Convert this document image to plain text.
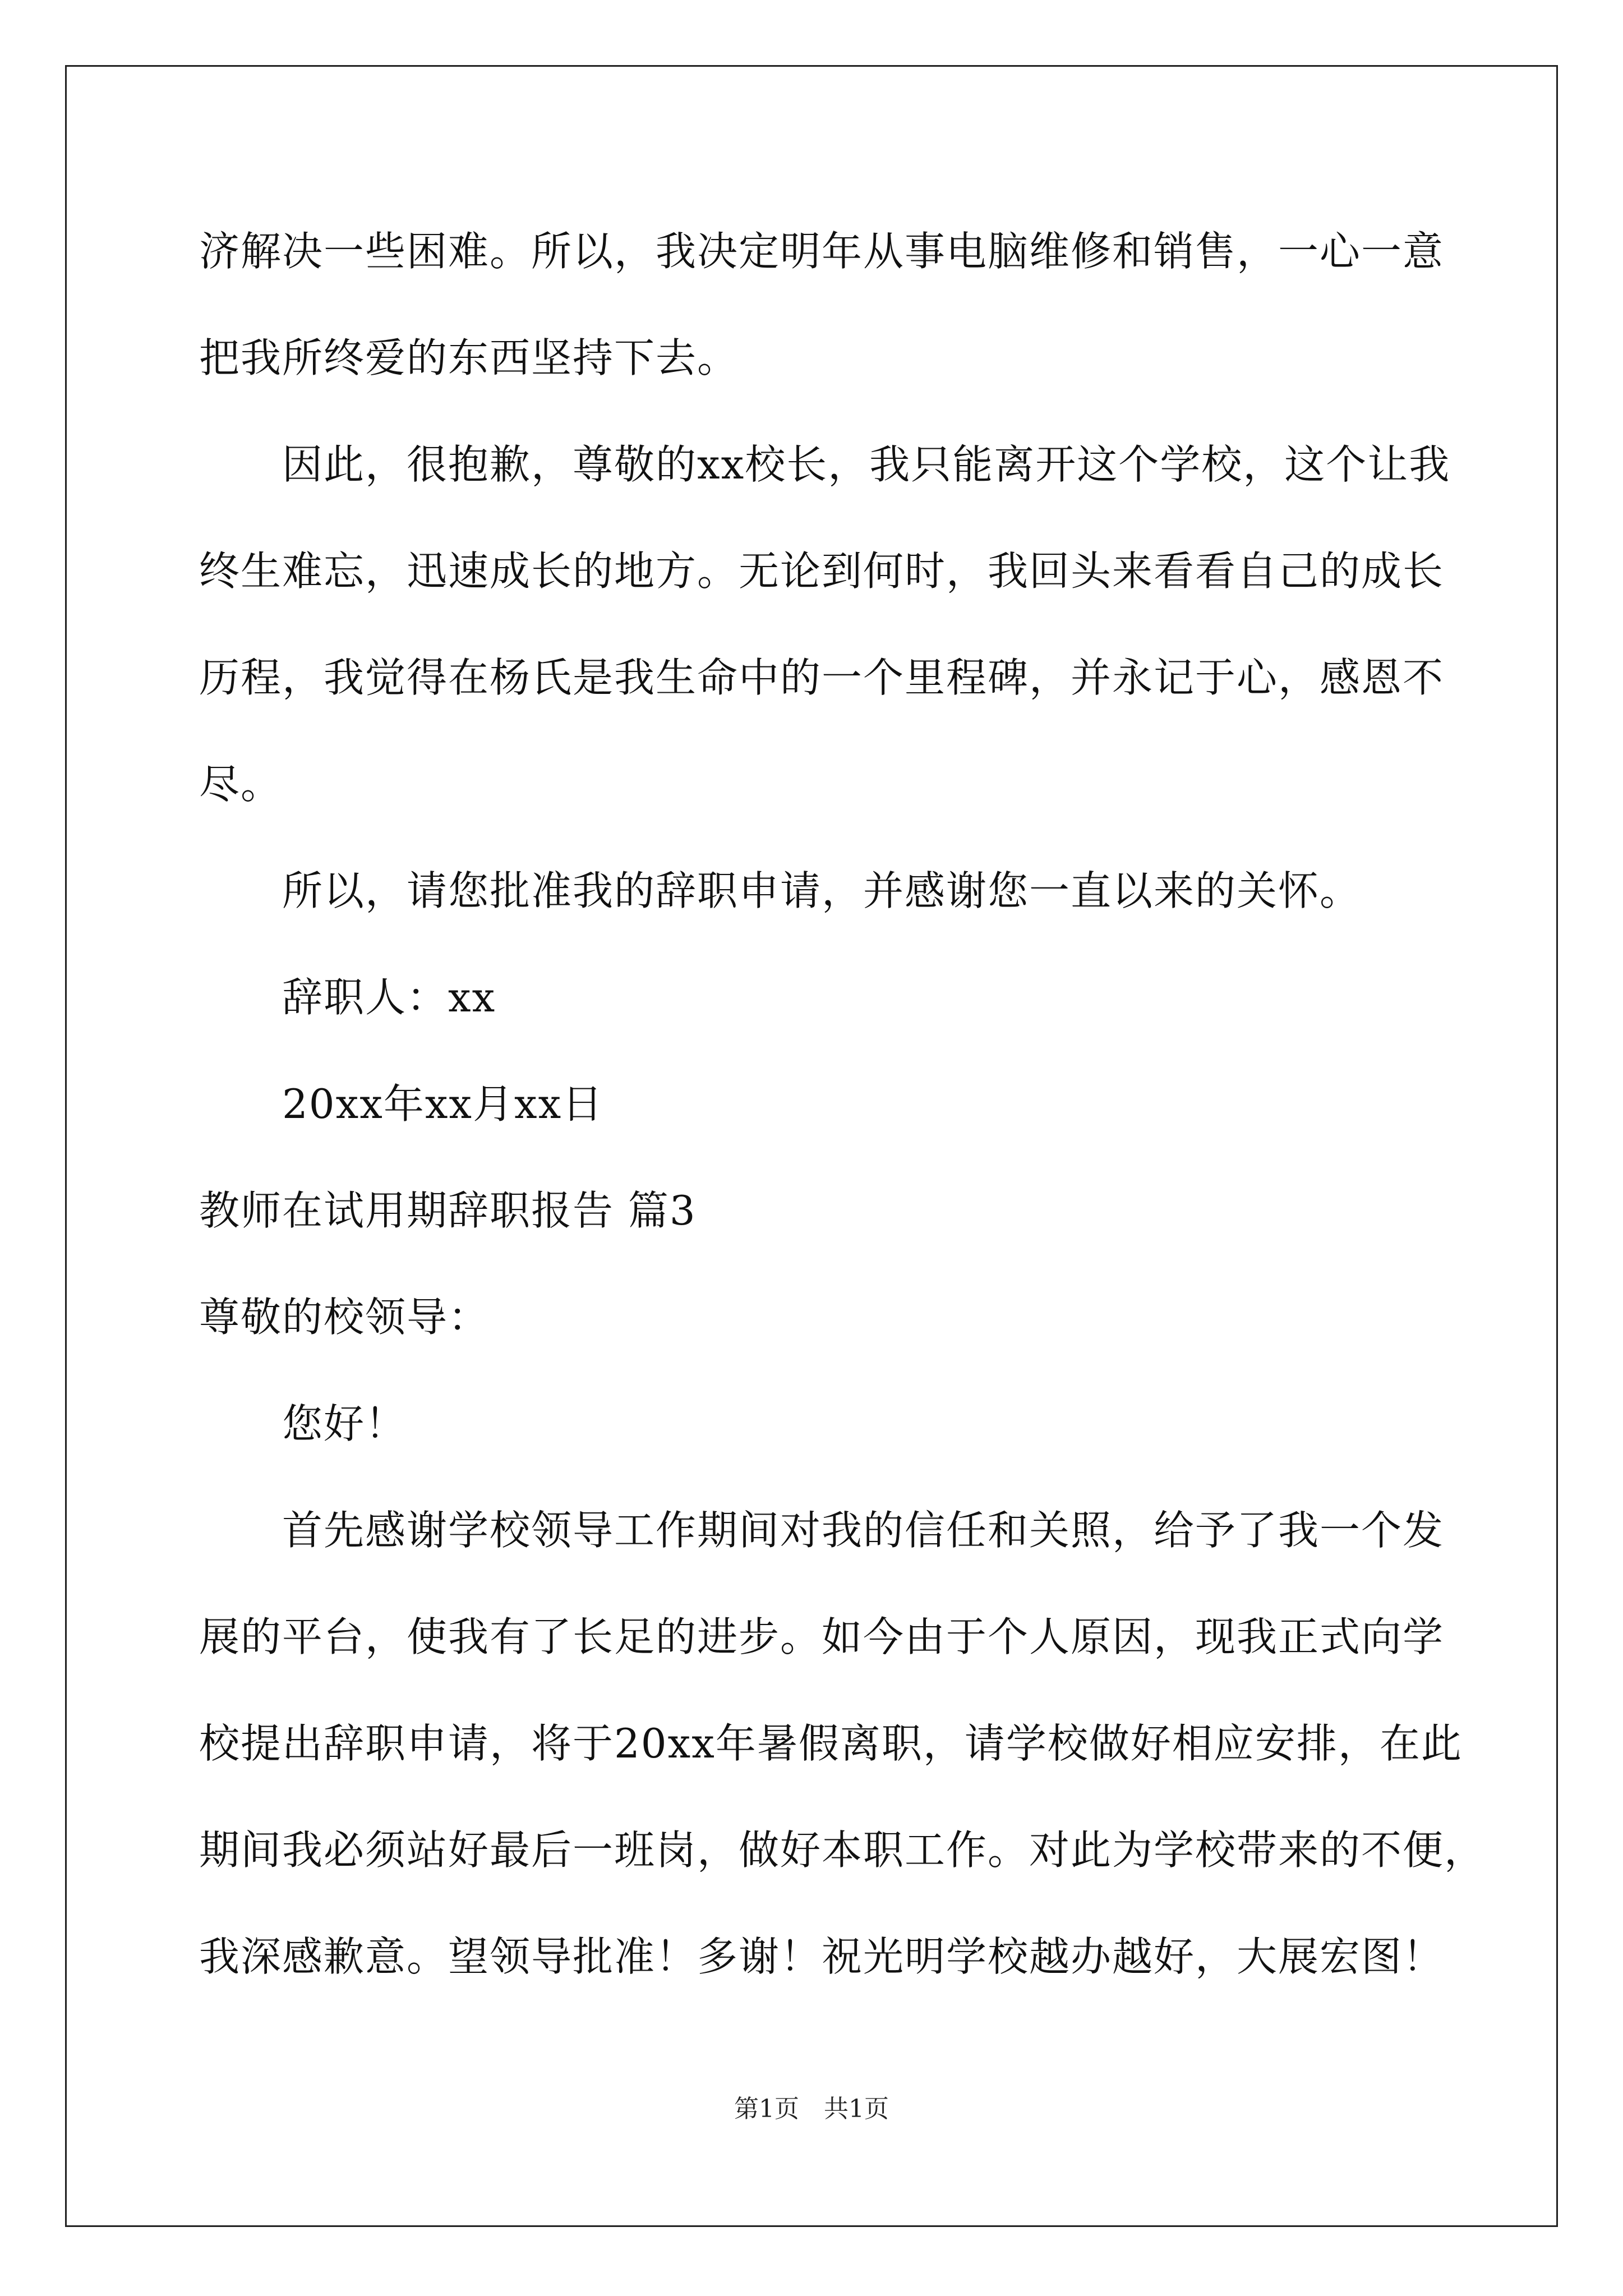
济解决一些困难。所以，我决定明年从事电脑维修和销售，一心一意
把我所终爱的东西坚持下去。
因此，很抱歉，尊敬的xx校长，我只能离开这个学校，这个让我
终生难忘，迅速成长的地方。无论到何时，我回头来看看自己的成长
历程，我觉得在杨氏是我生命中的一个里程碑，并永记于心，感恩不
尽。
所以，请您批准我的辞职申请，并感谢您一直以来的关怀。
辞职人：xx
20xx年xx月xx日
教师在试用期辞职报告 篇3
尊敬的校领导：
您好！
首先感谢学校领导工作期间对我的信任和关照，给予了我一个发
展的平台，使我有了长足的进步。如今由于个人原因，现我正式向学
校提出辞职申请，将于20xx年暑假离职，请学校做好相应安排，在此
期间我必须站好最后一班岗，做好本职工作。对此为学校带来的不便，
我深感歉意。望领导批准！多谢！祝光明学校越办越好，大展宏图！
第1页　共1页
